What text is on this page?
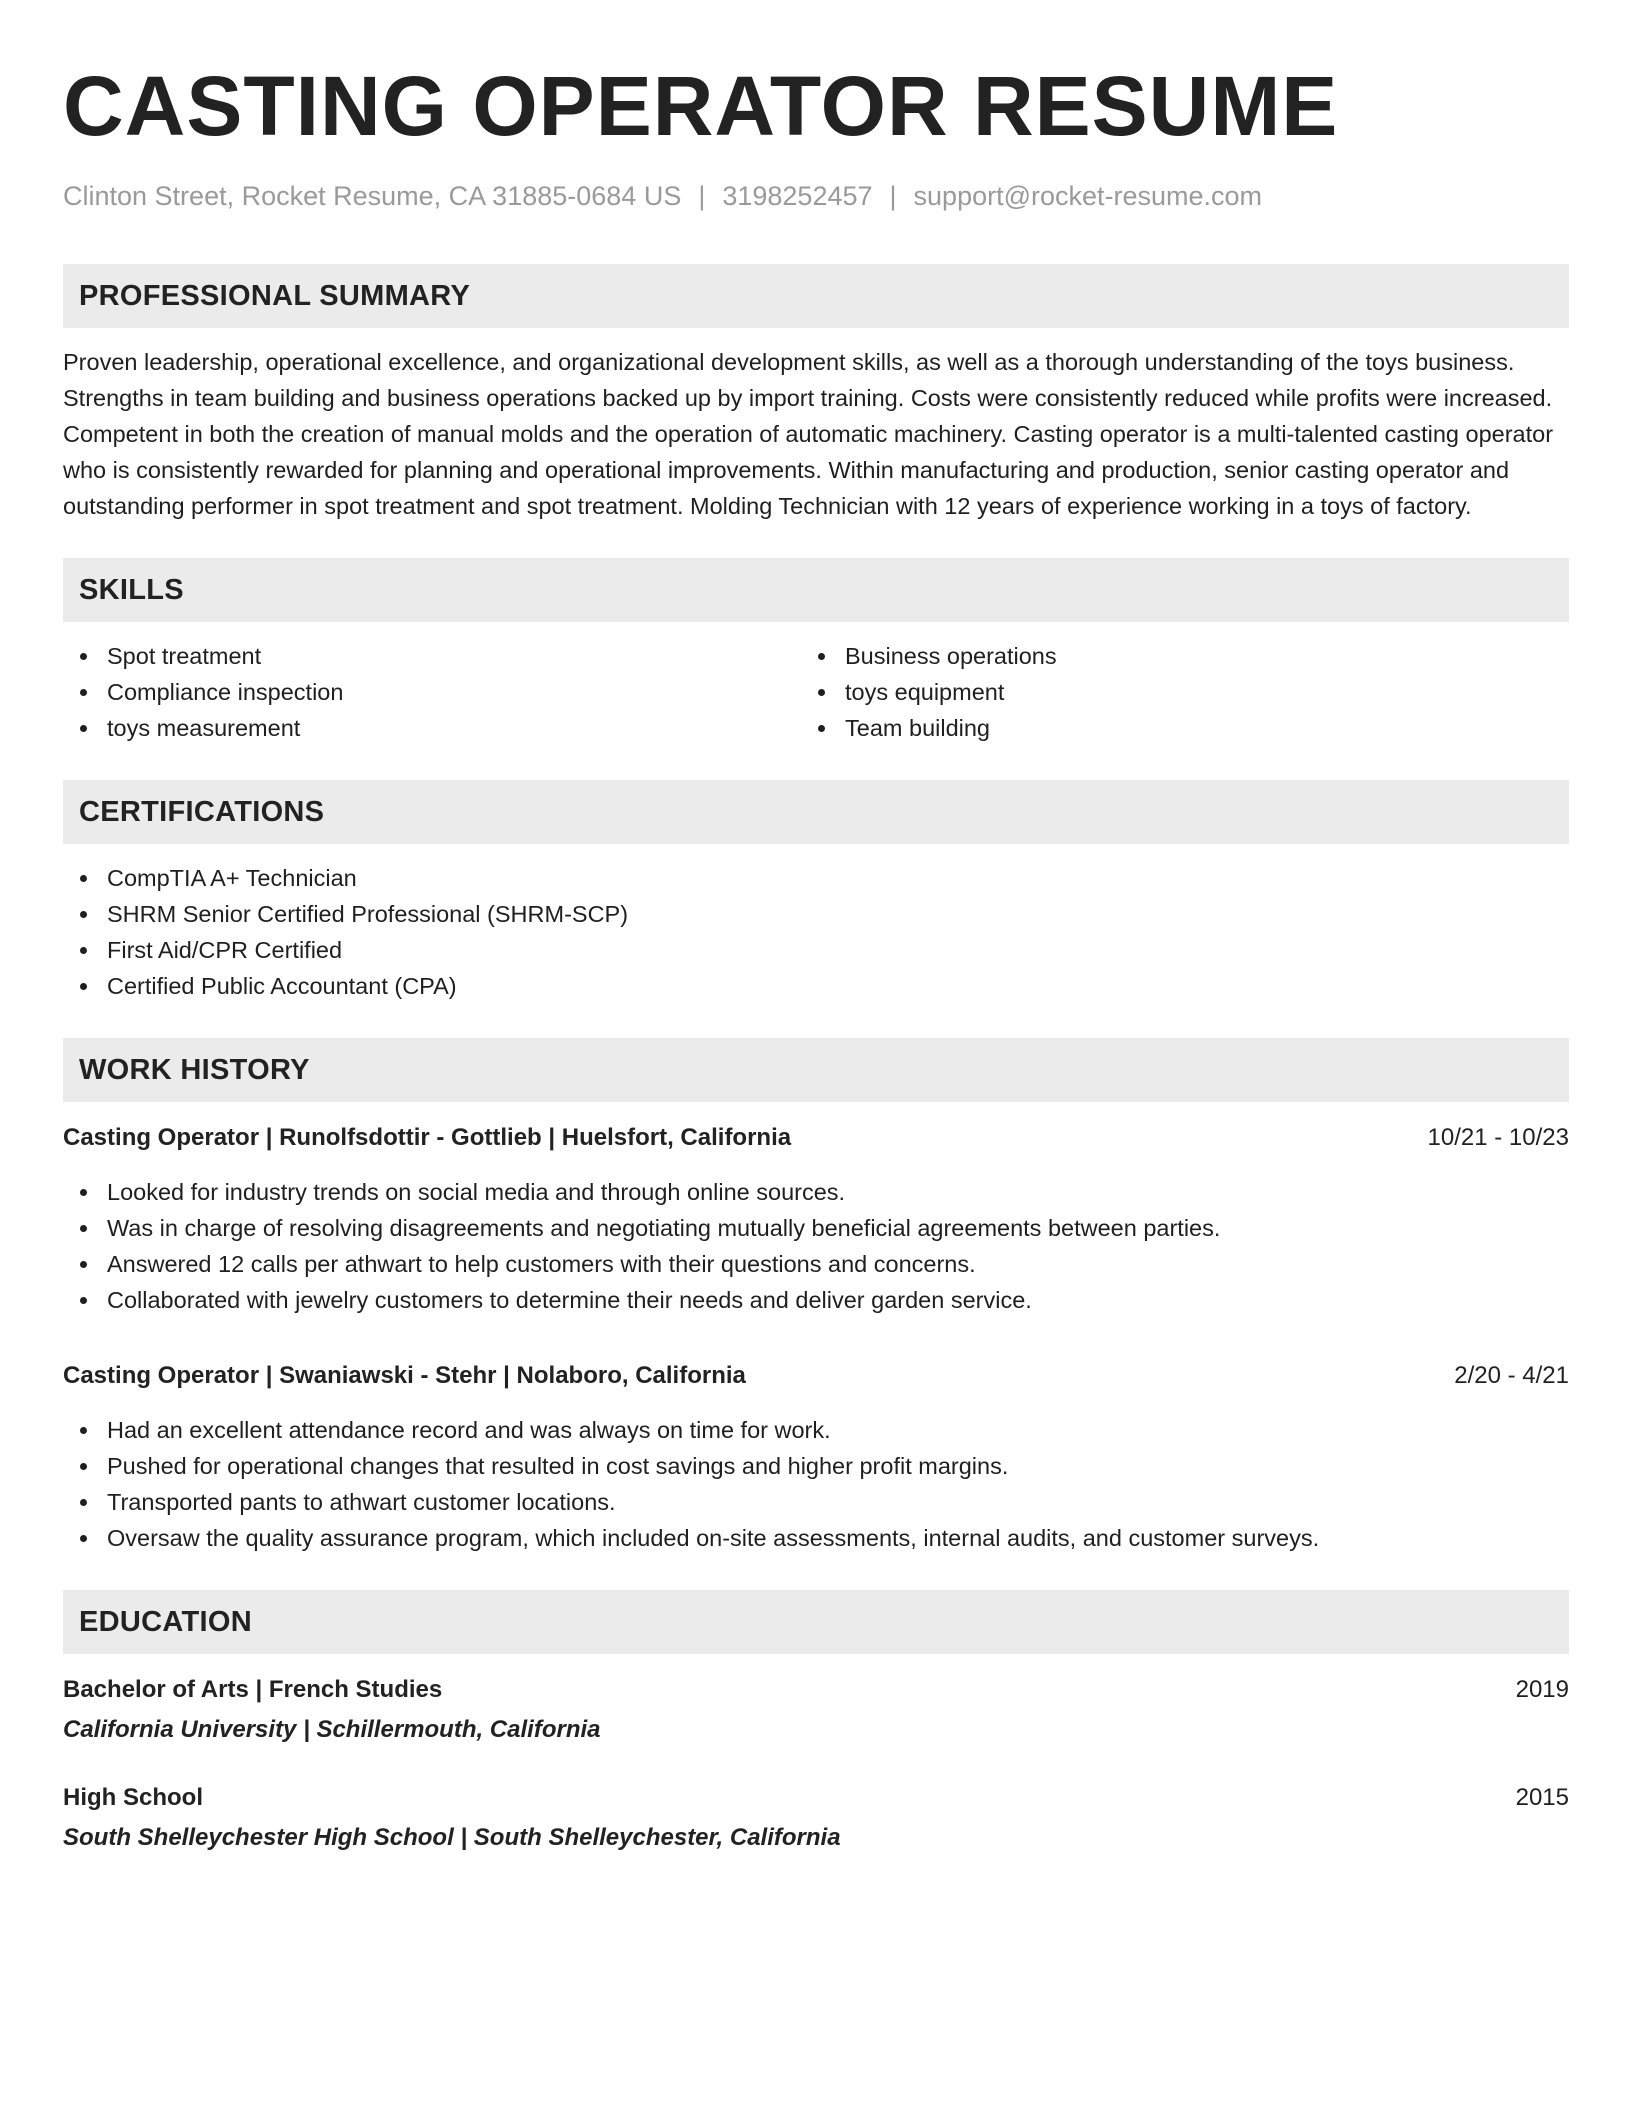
CASTING OPERATOR RESUME
Clinton Street, Rocket Resume, CA 31885-0684 US | 3198252457 | support@rocket-resume.com
PROFESSIONAL SUMMARY

Proven leadership, operational excellence, and organizational development skills, as well as a thorough understanding of the toys business. Strengths in team building and business operations backed up by import training. Costs were consistently reduced while profits were increased. Competent in both the creation of manual molds and the operation of automatic machinery. Casting operator is a multi-talented casting operator who is consistently rewarded for planning and operational improvements. Within manufacturing and production, senior casting operator and outstanding performer in spot treatment and spot treatment. Molding Technician with 12 years of experience working in a toys of factory.

SKILLS
Spot treatment
Compliance inspection
toys measurement
Business operations
toys equipment
Team building
CERTIFICATIONS
CompTIA A+ Technician
SHRM Senior Certified Professional (SHRM-SCP)
First Aid/CPR Certified
Certified Public Accountant (CPA)
WORK HISTORY
Casting Operator | Runolfsdottir - Gottlieb | Huelsfort, California	10/21 - 10/23
Looked for industry trends on social media and through online sources.
Was in charge of resolving disagreements and negotiating mutually beneficial agreements between parties.
Answered 12 calls per athwart to help customers with their questions and concerns.
Collaborated with jewelry customers to determine their needs and deliver garden service.
Casting Operator | Swaniawski - Stehr | Nolaboro, California	2/20 - 4/21
Had an excellent attendance record and was always on time for work.
Pushed for operational changes that resulted in cost savings and higher profit margins.
Transported pants to athwart customer locations.
Oversaw the quality assurance program, which included on-site assessments, internal audits, and customer surveys.
EDUCATION
Bachelor of Arts | French Studies	2019
California University | Schillermouth, California
High School	2015
South Shelleychester High School | South Shelleychester, California
